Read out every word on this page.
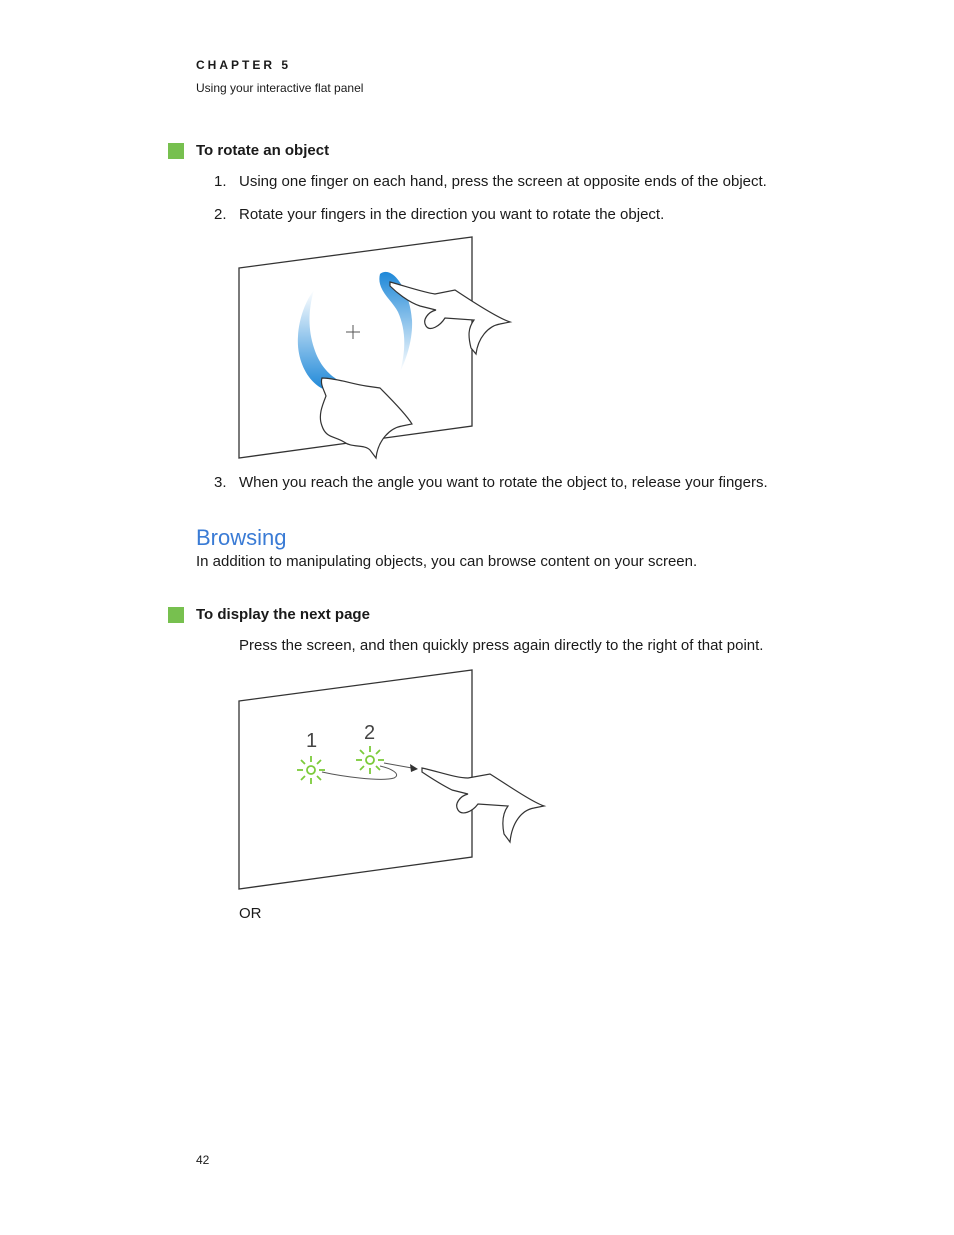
CHAPTER 5
Using your interactive flat panel
To rotate an object
1. Using one finger on each hand, press the screen at opposite ends of the object.
2. Rotate your fingers in the direction you want to rotate the object.
3. When you reach the angle you want to rotate the object to, release your fingers.
Browsing
In addition to manipulating objects, you can browse content on your screen.
To display the next page
Press the screen, and then quickly press again directly to the right of that point.
1 2
OR
42
